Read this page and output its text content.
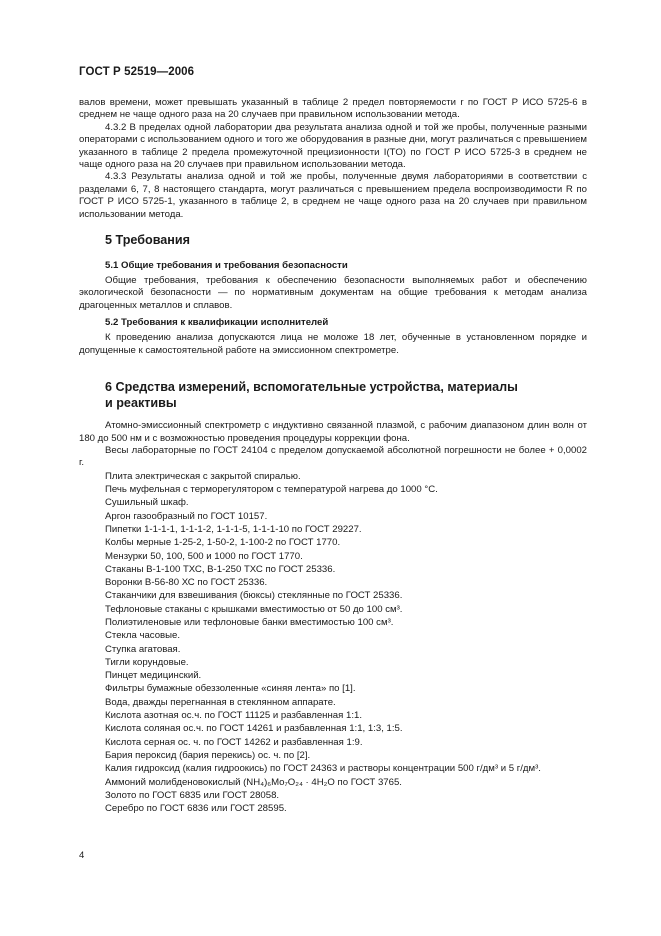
ГОСТ Р 52519—2006

валов времени, может превышать указанный в таблице 2 предел повторяемости r по ГОСТ Р ИСО 5725-6 в среднем не чаще одного раза на 20 случаев при правильном использовании метода.

4.3.2 В пределах одной лаборатории два результата анализа одной и той же пробы, полученные разными операторами с использованием одного и того же оборудования в разные дни, могут различаться с превышением указанного в таблице 2 предела промежуточной прецизионности I(TO) по ГОСТ Р ИСО 5725-3 в среднем не чаще одного раза на 20 случаев при правильном использовании метода.

4.3.3 Результаты анализа одной и той же пробы, полученные двумя лабораториями в соответствии с разделами 6, 7, 8 настоящего стандарта, могут различаться с превышением предела воспроизводимости R по ГОСТ Р ИСО 5725-1, указанного в таблице 2, в среднем не чаще одного раза на 20 случаев при правильном использовании метода.

5 Требования

5.1 Общие требования и требования безопасности

Общие требования, требования к обеспечению безопасности выполняемых работ и обеспечению экологической безопасности — по нормативным документам на общие требования к методам анализа драгоценных металлов и сплавов.

5.2 Требования к квалификации исполнителей

К проведению анализа допускаются лица не моложе 18 лет, обученные в установленном порядке и допущенные к самостоятельной работе на эмиссионном спектрометре.

6 Средства измерений, вспомогательные устройства, материалы

и реактивы

Атомно-эмиссионный спектрометр с индуктивно связанной плазмой, с рабочим диапазоном длин волн от 180 до 500 нм и с возможностью проведения процедуры коррекции фона.

Весы лабораторные по ГОСТ 24104 с пределом допускаемой абсолютной погрешности не более + 0,0002 г.

Плита электрическая с закрытой спиралью.

Печь муфельная с терморегулятором с температурой нагрева до 1000 °С.

Сушильный шкаф.

Аргон газообразный по ГОСТ 10157.

Пипетки 1-1-1-1, 1-1-1-2, 1-1-1-5, 1-1-1-10 по ГОСТ 29227.

Колбы мерные 1-25-2, 1-50-2, 1-100-2 по ГОСТ 1770.

Мензурки 50, 100, 500 и 1000 по ГОСТ 1770.

Стаканы В-1-100 ТХС, В-1-250 ТХС по ГОСТ 25336.

Воронки В-56-80 ХС по ГОСТ 25336.

Стаканчики для взвешивания (бюксы) стеклянные по ГОСТ 25336.

Тефлоновые стаканы с крышками вместимостью от 50 до 100 см³.

Полиэтиленовые или тефлоновые банки вместимостью 100 см³.

Стекла часовые.

Ступка агатовая.

Тигли корундовые.

Пинцет медицинский.

Фильтры бумажные обеззоленные «синяя лента» по [1].

Вода, дважды перегнанная в стеклянном аппарате.

Кислота азотная ос.ч. по ГОСТ 11125 и разбавленная 1:1.

Кислота соляная ос.ч. по ГОСТ 14261 и разбавленная 1:1, 1:3, 1:5.

Кислота серная ос. ч. по ГОСТ 14262 и разбавленная 1:9.

Бария пероксид (бария перекись) ос. ч. по [2].

Калия гидроксид (калия гидроокись) по ГОСТ 24363 и растворы концентрации 500 г/дм³ и 5 г/дм³.

Аммоний молибденовокислый (NH₄)₆Mo₇O₂₄ · 4H₂O по ГОСТ 3765.

Золото по ГОСТ 6835 или ГОСТ 28058.

Серебро по ГОСТ 6836 или ГОСТ 28595.

4
